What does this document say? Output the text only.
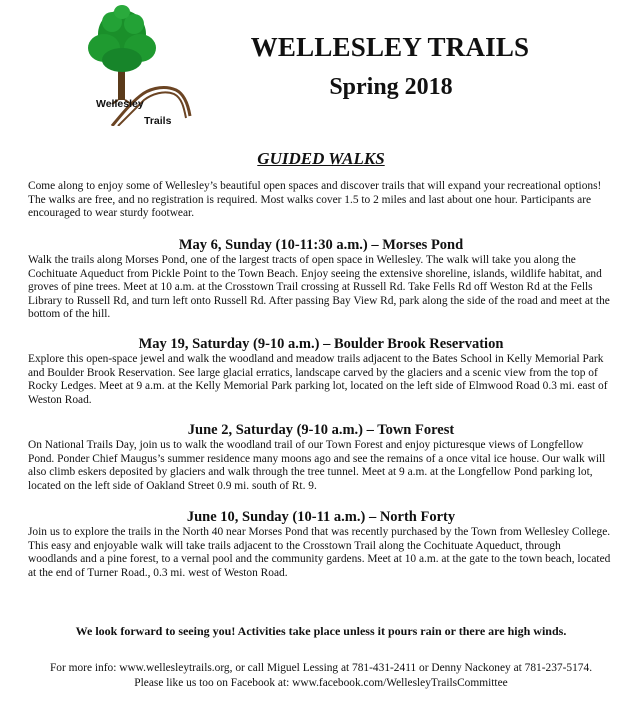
Wellesley
Trails
WELLESLEY TRAILS
Spring 2018
GUIDED WALKS

Come along to enjoy some of Wellesley’s beautiful open spaces and discover trails that will expand your recreational options! The walks are free, and no registration is required. Most walks cover 1.5 to 2 miles and last about one hour. Participants are encouraged to wear sturdy footwear.

May 6, Sunday (10-11:30 a.m.) – Morses Pond

Walk the trails along Morses Pond, one of the largest tracts of open space in Wellesley. The walk will take you along the Cochituate Aqueduct from Pickle Point to the Town Beach. Enjoy seeing the extensive shoreline, islands, wildlife habitat, and groves of pine trees. Meet at 10 a.m. at the Crosstown Trail crossing at Russell Rd. Take Fells Rd off Weston Rd at the Fells Library to Russell Rd, and turn left onto Russell Rd. After passing Bay View Rd, park along the side of the road and meet at the bottom of the hill.

May 19, Saturday (9-10 a.m.) – Boulder Brook Reservation

Explore this open-space jewel and walk the woodland and meadow trails adjacent to the Bates School in Kelly Memorial Park and Boulder Brook Reservation. See large glacial erratics, landscape carved by the glaciers and a scenic view from the top of Rocky Ledges. Meet at 9 a.m. at the Kelly Memorial Park parking lot, located on the left side of Elmwood Road 0.3 mi. east of Weston Road.

June 2, Saturday (9-10 a.m.) – Town Forest

On National Trails Day, join us to walk the woodland trail of our Town Forest and enjoy picturesque views of Longfellow Pond. Ponder Chief Maugus’s summer residence many moons ago and see the remains of a once vital ice house. Our walk will also climb eskers deposited by glaciers and walk through the tree tunnel. Meet at 9 a.m. at the Longfellow Pond parking lot, located on the left side of Oakland Street 0.9 mi. south of Rt. 9.

June 10, Sunday (10-11 a.m.) – North Forty

Join us to explore the trails in the North 40 near Morses Pond that was recently purchased by the Town from Wellesley College. This easy and enjoyable walk will take trails adjacent to the Crosstown Trail along the Cochituate Aqueduct, through woodlands and a pine forest, to a vernal pool and the community gardens. Meet at 10 a.m. at the gate to the town beach, located at the end of Turner Road., 0.3 mi. west of Weston Road.

We look forward to seeing you! Activities take place unless it pours rain or there are high winds.
For more info: www.wellesleytrails.org, or call Miguel Lessing at 781-431-2411 or Denny Nackoney at 781-237-5174.
Please like us too on Facebook at: www.facebook.com/WellesleyTrailsCommittee
